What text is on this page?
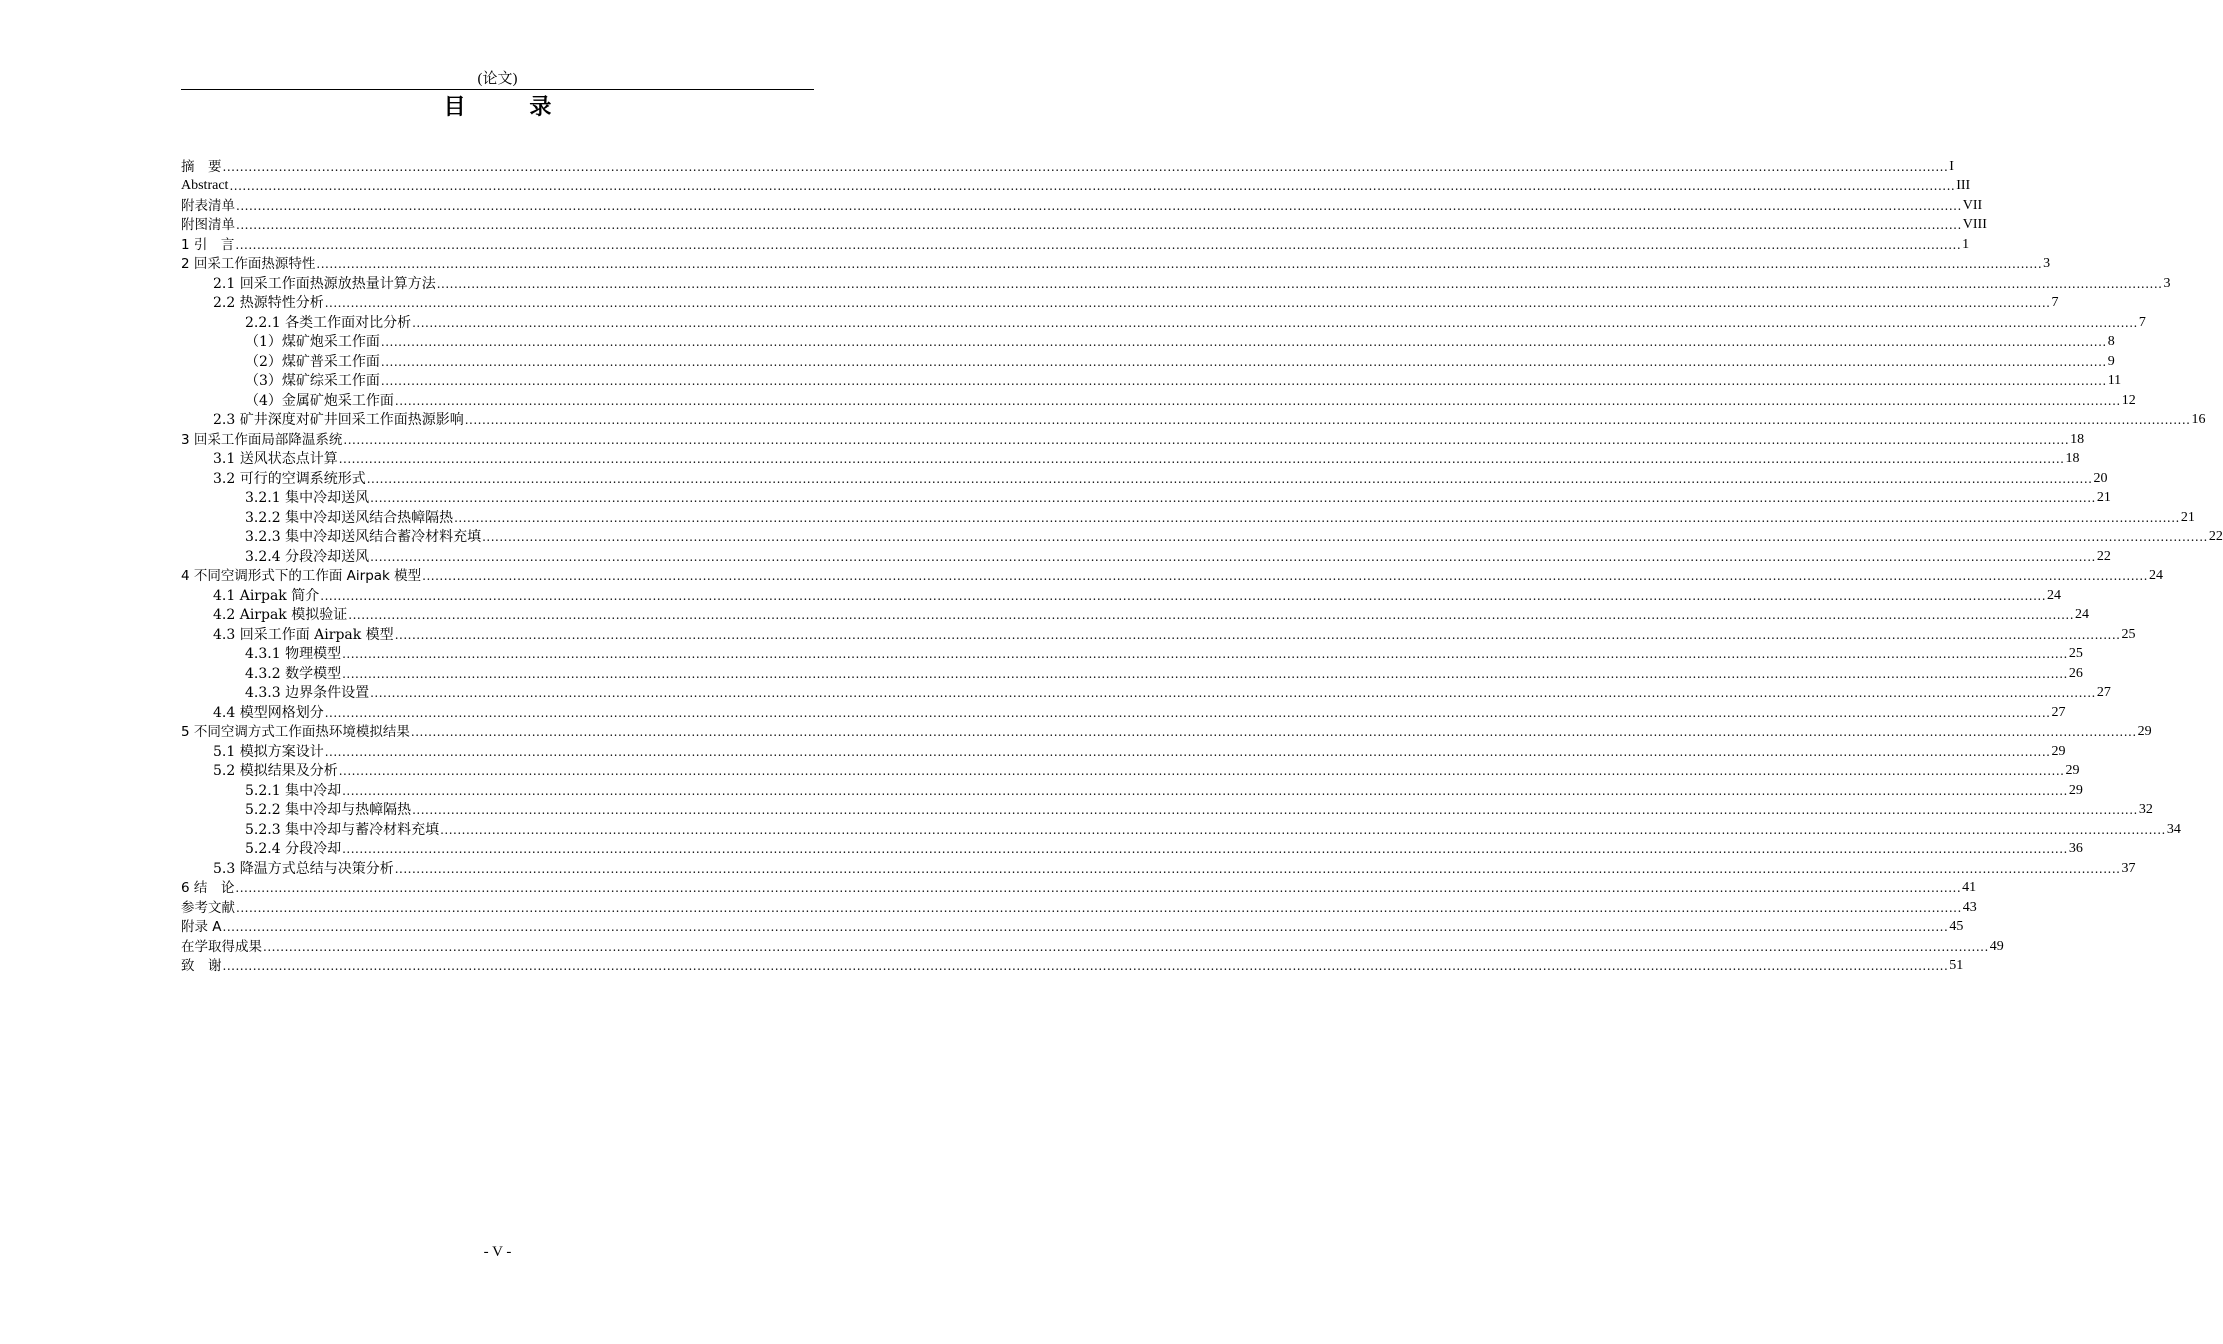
(论文)
目 录
摘　要 ................................................................................................................................................................................................................................................................................................................................................................................................................ I
Abstract ................................................................................................................................................................................................................................................................................................................................................................................................................ III
附表清单 ................................................................................................................................................................................................................................................................................................................................................................................................................ VII
附图清单 ................................................................................................................................................................................................................................................................................................................................................................................................................ VIII
1 引　言 ................................................................................................................................................................................................................................................................................................................................................................................................................ 1
2 回采工作面热源特性 ................................................................................................................................................................................................................................................................................................................................................................................................................ 3
2.1 回采工作面热源放热量计算方法 ................................................................................................................................................................................................................................................................................................................................................................................................................ 3
2.2 热源特性分析 ................................................................................................................................................................................................................................................................................................................................................................................................................ 7
2.2.1 各类工作面对比分析 ................................................................................................................................................................................................................................................................................................................................................................................................................ 7
（1）煤矿炮采工作面 ................................................................................................................................................................................................................................................................................................................................................................................................................ 8
（2）煤矿普采工作面 ................................................................................................................................................................................................................................................................................................................................................................................................................ 9
（3）煤矿综采工作面 ................................................................................................................................................................................................................................................................................................................................................................................................................ 11
（4）金属矿炮采工作面 ................................................................................................................................................................................................................................................................................................................................................................................................................ 12
2.3 矿井深度对矿井回采工作面热源影响 ................................................................................................................................................................................................................................................................................................................................................................................................................ 16
3 回采工作面局部降温系统 ................................................................................................................................................................................................................................................................................................................................................................................................................ 18
3.1 送风状态点计算 ................................................................................................................................................................................................................................................................................................................................................................................................................ 18
3.2 可行的空调系统形式 ................................................................................................................................................................................................................................................................................................................................................................................................................ 20
3.2.1 集中冷却送风 ................................................................................................................................................................................................................................................................................................................................................................................................................ 21
3.2.2 集中冷却送风结合热幛隔热 ................................................................................................................................................................................................................................................................................................................................................................................................................ 21
3.2.3 集中冷却送风结合蓄冷材料充填 ................................................................................................................................................................................................................................................................................................................................................................................................................ 22
3.2.4 分段冷却送风 ................................................................................................................................................................................................................................................................................................................................................................................................................ 22
4 不同空调形式下的工作面 Airpak 模型 ................................................................................................................................................................................................................................................................................................................................................................................................................ 24
4.1 Airpak 简介 ................................................................................................................................................................................................................................................................................................................................................................................................................ 24
4.2 Airpak 模拟验证 ................................................................................................................................................................................................................................................................................................................................................................................................................ 24
4.3 回采工作面 Airpak 模型 ................................................................................................................................................................................................................................................................................................................................................................................................................ 25
4.3.1 物理模型 ................................................................................................................................................................................................................................................................................................................................................................................................................ 25
4.3.2 数学模型 ................................................................................................................................................................................................................................................................................................................................................................................................................ 26
4.3.3 边界条件设置 ................................................................................................................................................................................................................................................................................................................................................................................................................ 27
4.4 模型网格划分 ................................................................................................................................................................................................................................................................................................................................................................................................................ 27
5 不同空调方式工作面热环境模拟结果 ................................................................................................................................................................................................................................................................................................................................................................................................................ 29
5.1 模拟方案设计 ................................................................................................................................................................................................................................................................................................................................................................................................................ 29
5.2 模拟结果及分析 ................................................................................................................................................................................................................................................................................................................................................................................................................ 29
5.2.1 集中冷却 ................................................................................................................................................................................................................................................................................................................................................................................................................ 29
5.2.2 集中冷却与热幛隔热 ................................................................................................................................................................................................................................................................................................................................................................................................................ 32
5.2.3 集中冷却与蓄冷材料充填 ................................................................................................................................................................................................................................................................................................................................................................................................................ 34
5.2.4 分段冷却 ................................................................................................................................................................................................................................................................................................................................................................................................................ 36
5.3 降温方式总结与决策分析 ................................................................................................................................................................................................................................................................................................................................................................................................................ 37
6 结　论 ................................................................................................................................................................................................................................................................................................................................................................................................................ 41
参考文献 ................................................................................................................................................................................................................................................................................................................................................................................................................ 43
附录 A ................................................................................................................................................................................................................................................................................................................................................................................................................ 45
在学取得成果 ................................................................................................................................................................................................................................................................................................................................................................................................................ 49
致　谢 ................................................................................................................................................................................................................................................................................................................................................................................................................ 51
- V -
